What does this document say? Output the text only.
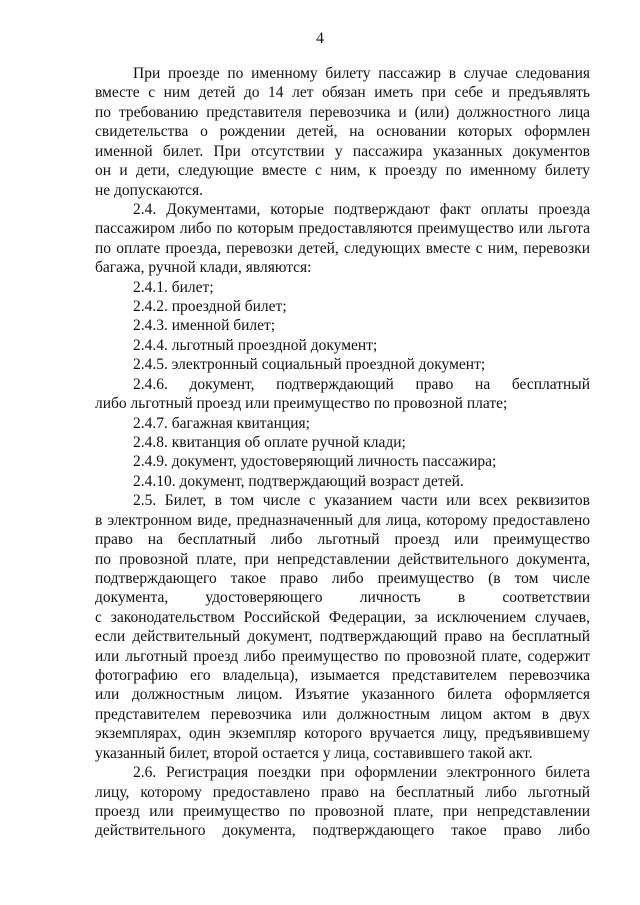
4
При проезде по именному билету пассажир в случае следования
вместе с ним детей до 14 лет обязан иметь при себе и предъявлять
по требованию представителя перевозчика и (или) должностного лица
свидетельства о рождении детей, на основании которых оформлен
именной билет. При отсутствии у пассажира указанных документов
он и дети, следующие вместе с ним, к проезду по именному билету
не допускаются.
2.4. Документами, которые подтверждают факт оплаты проезда
пассажиром либо по которым предоставляются преимущество или льгота
по оплате проезда, перевозки детей, следующих вместе с ним, перевозки
багажа, ручной клади, являются:
2.4.1. билет;
2.4.2. проездной билет;
2.4.3. именной билет;
2.4.4. льготный проездной документ;
2.4.5. электронный социальный проездной документ;
2.4.6. документ, подтверждающий право на бесплатный
либо льготный проезд или преимущество по провозной плате;
2.4.7. багажная квитанция;
2.4.8. квитанция об оплате ручной клади;
2.4.9. документ, удостоверяющий личность пассажира;
2.4.10. документ, подтверждающий возраст детей.
2.5. Билет, в том числе с указанием части или всех реквизитов
в электронном виде, предназначенный для лица, которому предоставлено
право на бесплатный либо льготный проезд или преимущество
по провозной плате, при непредставлении действительного документа,
подтверждающего такое право либо преимущество (в том числе
документа, удостоверяющего личность в соответствии
с законодательством Российской Федерации, за исключением случаев,
если действительный документ, подтверждающий право на бесплатный
или льготный проезд либо преимущество по провозной плате, содержит
фотографию его владельца), изымается представителем перевозчика
или должностным лицом. Изъятие указанного билета оформляется
представителем перевозчика или должностным лицом актом в двух
экземплярах, один экземпляр которого вручается лицу, предъявившему
указанный билет, второй остается у лица, составившего такой акт.
2.6. Регистрация поездки при оформлении электронного билета
лицу, которому предоставлено право на бесплатный либо льготный
проезд или преимущество по провозной плате, при непредставлении
действительного документа, подтверждающего такое право либо
